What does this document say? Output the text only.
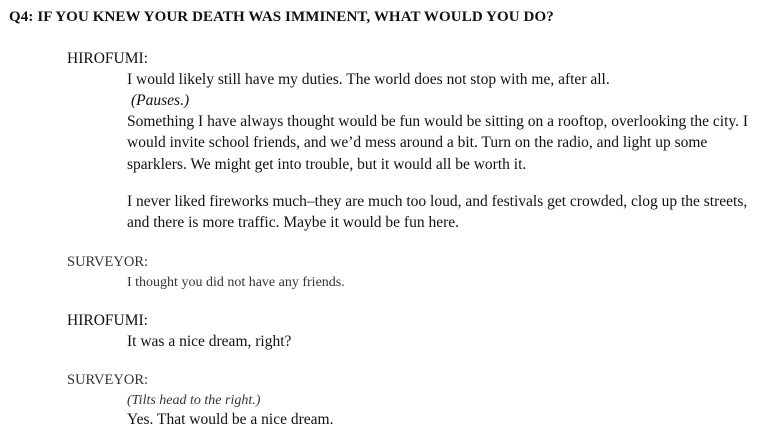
Q4: IF YOU KNEW YOUR DEATH WAS IMMINENT, WHAT WOULD YOU DO?
HIROFUMI:
I would likely still have my duties. The world does not stop with me, after all.
(Pauses.)
Something I have always thought would be fun would be sitting on a rooftop, overlooking the city. I would invite school friends, and we’d mess around a bit. Turn on the radio, and light up some sparklers. We might get into trouble, but it would all be worth it.
I never liked fireworks much–they are much too loud, and festivals get crowded, clog up the streets, and there is more traffic. Maybe it would be fun here.
SURVEYOR:
I thought you did not have any friends.
HIROFUMI:
It was a nice dream, right?
SURVEYOR:
(Tilts head to the right.)
Yes. That would be a nice dream.
